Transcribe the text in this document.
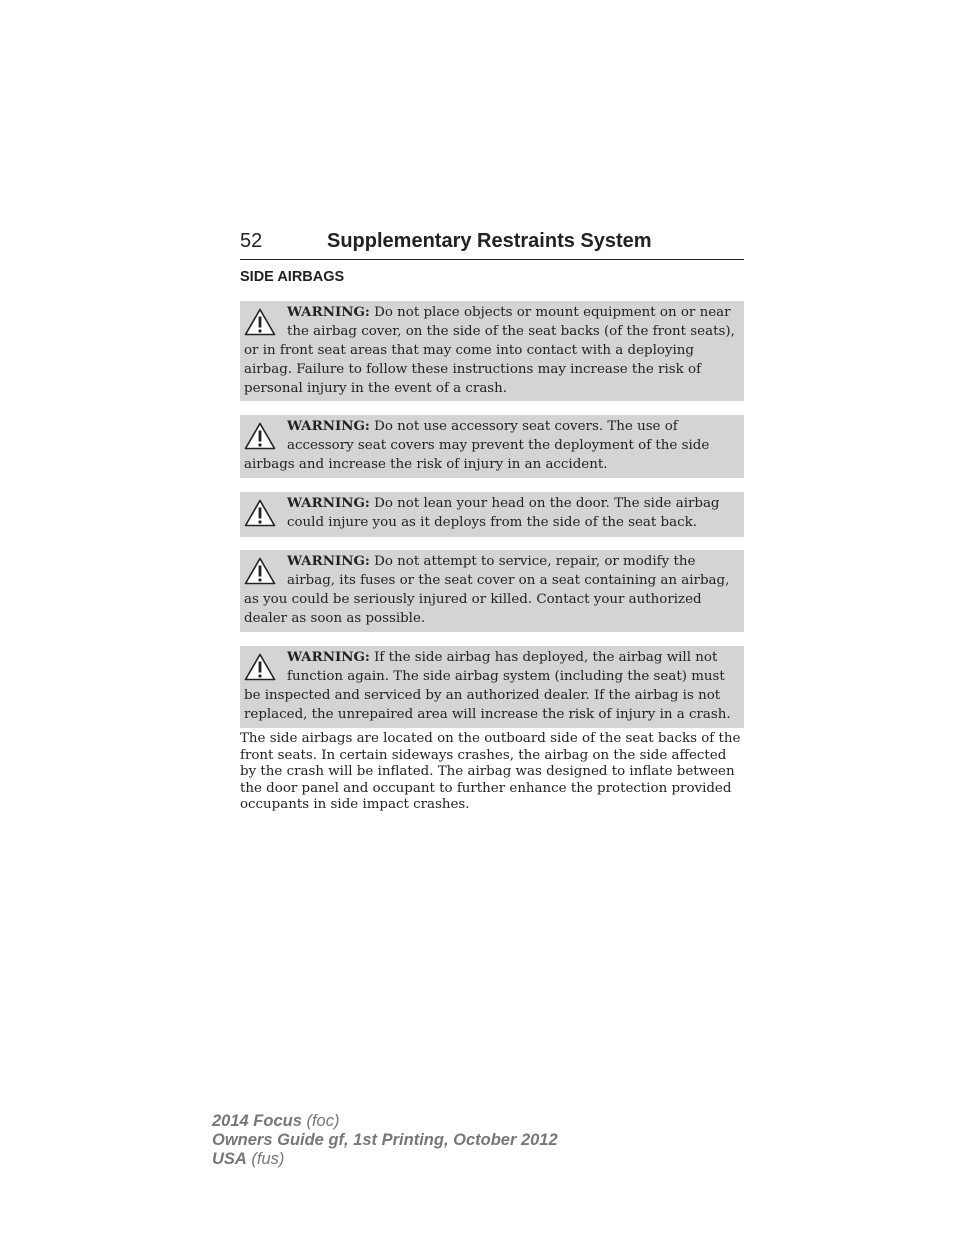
52	Supplementary Restraints System
SIDE AIRBAGS
WARNING: Do not place objects or mount equipment on or near the airbag cover, on the side of the seat backs (of the front seats), or in front seat areas that may come into contact with a deploying airbag. Failure to follow these instructions may increase the risk of personal injury in the event of a crash.
WARNING: Do not use accessory seat covers. The use of accessory seat covers may prevent the deployment of the side airbags and increase the risk of injury in an accident.
WARNING: Do not lean your head on the door. The side airbag could injure you as it deploys from the side of the seat back.
WARNING: Do not attempt to service, repair, or modify the airbag, its fuses or the seat cover on a seat containing an airbag, as you could be seriously injured or killed. Contact your authorized dealer as soon as possible.
WARNING: If the side airbag has deployed, the airbag will not function again. The side airbag system (including the seat) must be inspected and serviced by an authorized dealer. If the airbag is not replaced, the unrepaired area will increase the risk of injury in a crash.
The side airbags are located on the outboard side of the seat backs of the front seats. In certain sideways crashes, the airbag on the side affected by the crash will be inflated. The airbag was designed to inflate between the door panel and occupant to further enhance the protection provided occupants in side impact crashes.
2014 Focus (foc)
Owners Guide gf, 1st Printing, October 2012
USA (fus)
